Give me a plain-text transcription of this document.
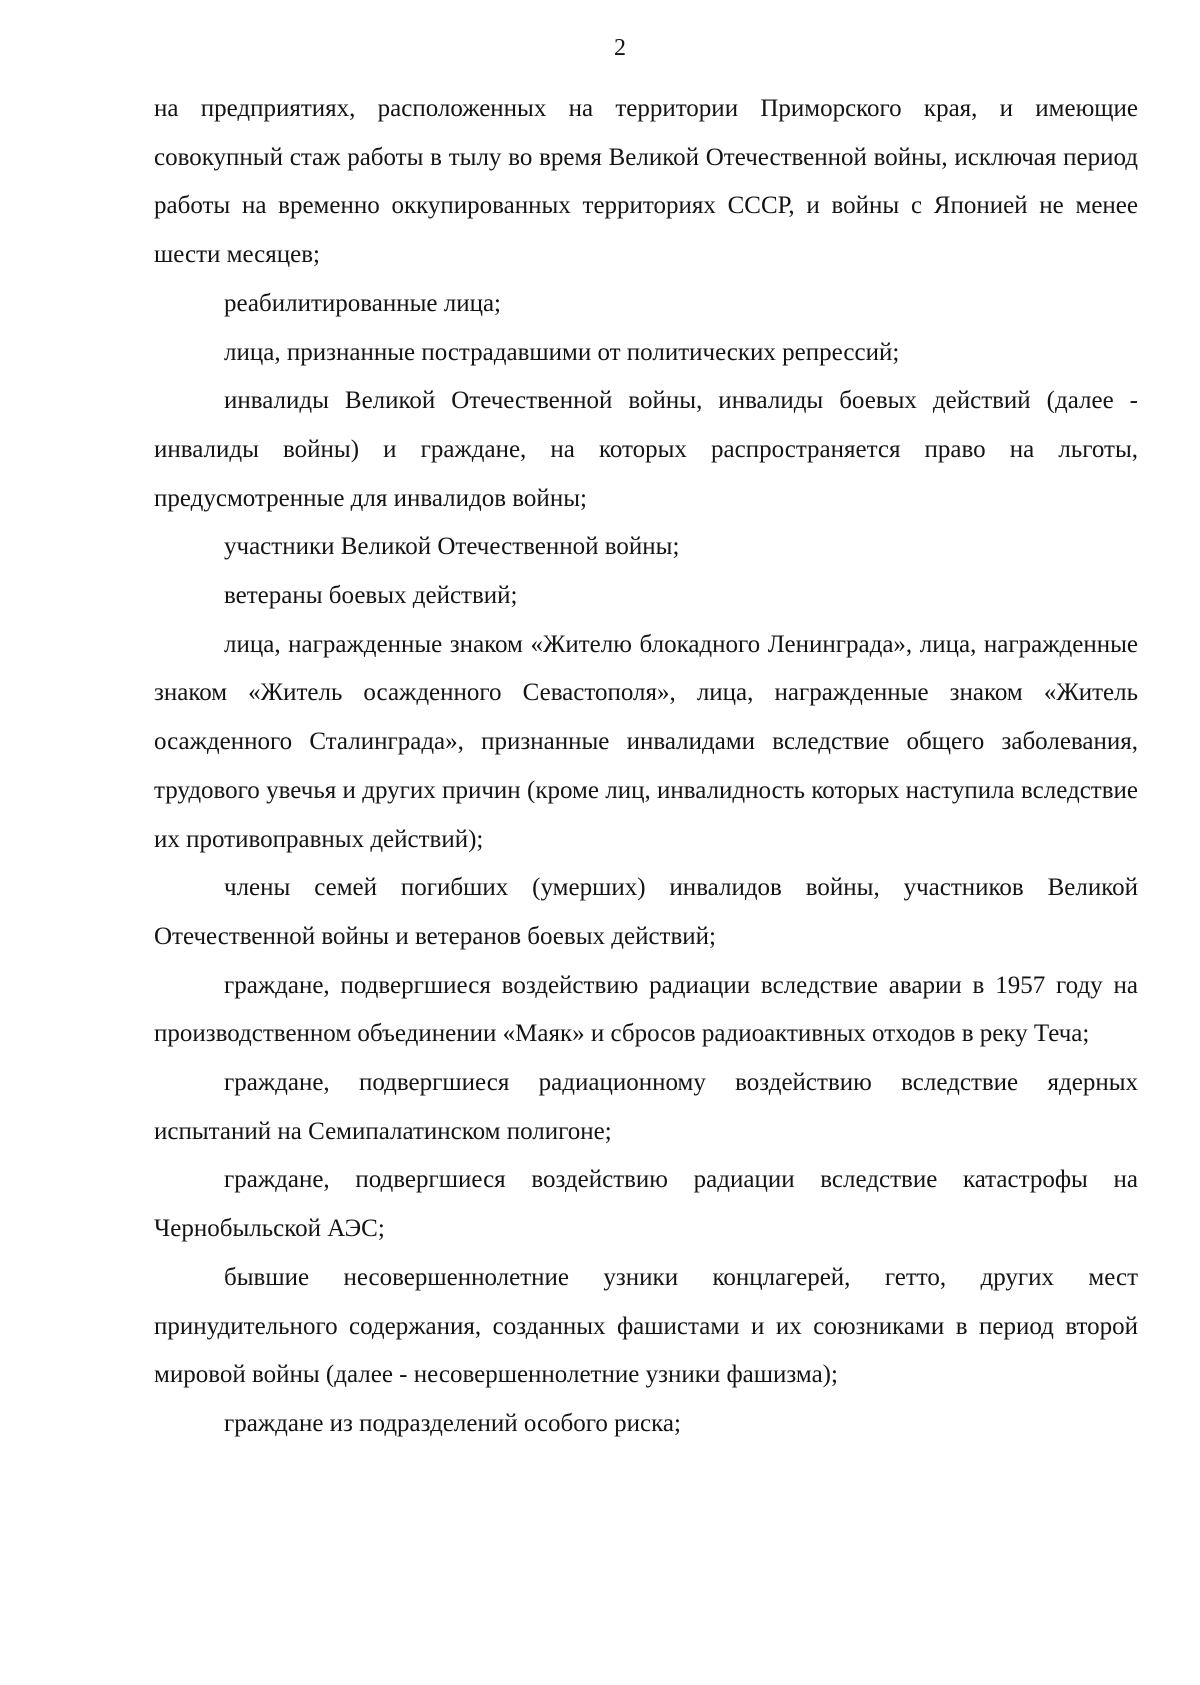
2

на предприятиях, расположенных на территории Приморского края, и имеющие совокупный стаж работы в тылу во время Великой Отечественной войны, исключая период работы на временно оккупированных территориях СССР, и войны с Японией не менее шести месяцев;

реабилитированные лица;

лица, признанные пострадавшими от политических репрессий;

инвалиды Великой Отечественной войны, инвалиды боевых действий (далее - инвалиды войны) и граждане, на которых распространяется право на льготы, предусмотренные для инвалидов войны;

участники Великой Отечественной войны;

ветераны боевых действий;

лица, награжденные знаком «Жителю блокадного Ленинграда», лица, награжденные знаком «Житель осажденного Севастополя», лица, награжденные знаком «Житель осажденного Сталинграда», признанные инвалидами вследствие общего заболевания, трудового увечья и других причин (кроме лиц, инвалидность которых наступила вследствие их противоправных действий);

члены семей погибших (умерших) инвалидов войны, участников Великой Отечественной войны и ветеранов боевых действий;

граждане, подвергшиеся воздействию радиации вследствие аварии в 1957 году на производственном объединении «Маяк» и сбросов радиоактивных отходов в реку Теча;

граждане, подвергшиеся радиационному воздействию вследствие ядерных испытаний на Семипалатинском полигоне;

граждане, подвергшиеся воздействию радиации вследствие катастрофы на Чернобыльской АЭС;

бывшие несовершеннолетние узники концлагерей, гетто, других мест принудительного содержания, созданных фашистами и их союзниками в период второй мировой войны (далее - несовершеннолетние узники фашизма);

граждане из подразделений особого риска;
